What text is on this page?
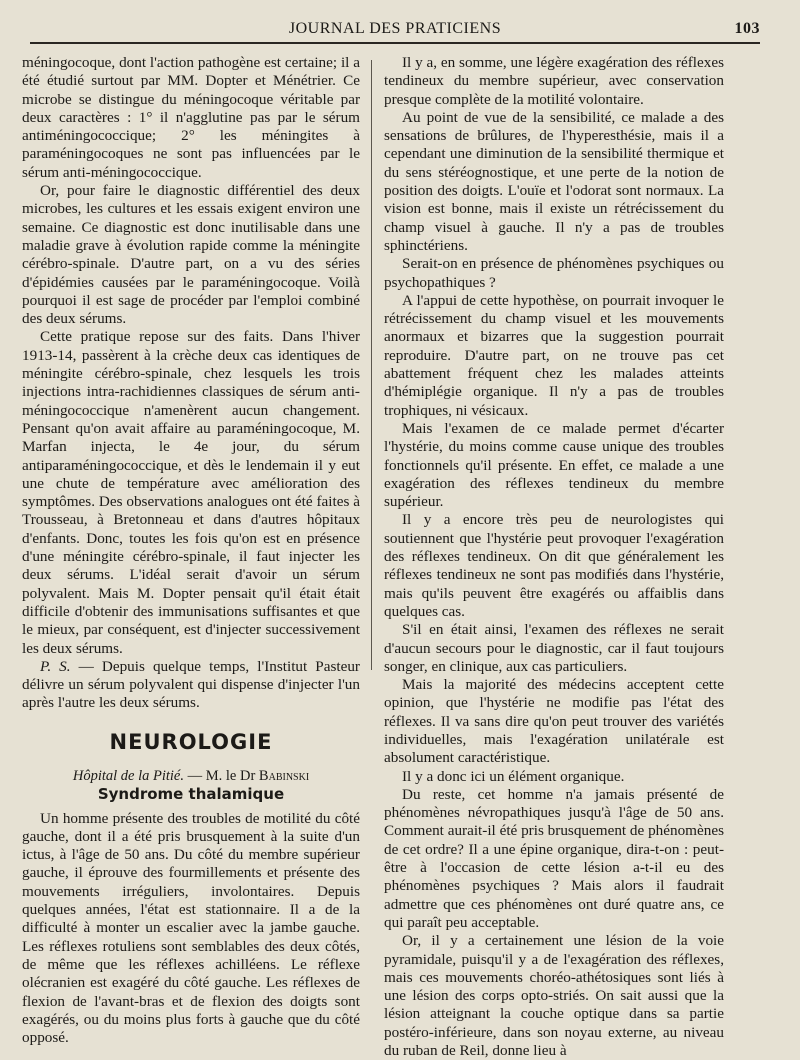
JOURNAL DES PRATICIENS	103

méningocoque, dont l'action pathogène est certaine; il a été étudié surtout par MM. Dopter et Ménétrier. Ce microbe se distingue du méningocoque véritable par deux caractères : 1° il n'agglutine pas par le sérum antiméningococcique; 2° les méningites à paraméningocoques ne sont pas influencées par le sérum anti-méningococcique.

Or, pour faire le diagnostic différentiel des deux microbes, les cultures et les essais exigent environ une semaine. Ce diagnostic est donc inutilisable dans une maladie grave à évolution rapide comme la méningite cérébro-spinale. D'autre part, on a vu des séries d'épidémies causées par le paraméningocoque. Voilà pourquoi il est sage de procéder par l'emploi combiné des deux sérums.

Cette pratique repose sur des faits. Dans l'hiver 1913-14, passèrent à la crèche deux cas identiques de méningite cérébro-spinale, chez lesquels les trois injections intra-rachidiennes classiques de sérum anti-méningococcique n'amenèrent aucun changement. Pensant qu'on avait affaire au paraméningocoque, M. Marfan injecta, le 4e jour, du sérum antiparaméningococcique, et dès le lendemain il y eut une chute de température avec amélioration des symptômes. Des observations analogues ont été faites à Trousseau, à Bretonneau et dans d'autres hôpitaux d'enfants. Donc, toutes les fois qu'on est en présence d'une méningite cérébro-spinale, il faut injecter les deux sérums. L'idéal serait d'avoir un sérum polyvalent. Mais M. Dopter pensait qu'il était était difficile d'obtenir des immunisations suffisantes et que le mieux, par conséquent, est d'injecter successivement les deux sérums.

P. S. — Depuis quelque temps, l'Institut Pasteur délivre un sérum polyvalent qui dispense d'injecter l'un après l'autre les deux sérums.

NEUROLOGIE

Hôpital de la Pitié. — M. le Dr Babinski

Syndrome thalamique

Un homme présente des troubles de motilité du côté gauche, dont il a été pris brusquement à la suite d'un ictus, à l'âge de 50 ans. Du côté du membre supérieur gauche, il éprouve des fourmillements et présente des mouvements irréguliers, involontaires. Depuis quelques années, l'état est stationnaire. Il a de la difficulté à monter un escalier avec la jambe gauche. Les réflexes rotuliens sont semblables des deux côtés, de même que les réflexes achilléens. Le réflexe olécranien est exagéré du côté gauche. Les réflexes de flexion de l'avant-bras et de flexion des doigts sont exagérés, ou du moins plus forts à gauche que du côté opposé.

Il y a, en somme, une légère exagération des réflexes tendineux du membre supérieur, avec conservation presque complète de la motilité volontaire.

Au point de vue de la sensibilité, ce malade a des sensations de brûlures, de l'hyperesthésie, mais il a cependant une diminution de la sensibilité thermique et du sens stéréognostique, et une perte de la notion de position des doigts. L'ouïe et l'odorat sont normaux. La vision est bonne, mais il existe un rétrécissement du champ visuel à gauche. Il n'y a pas de troubles sphinctériens.

Serait-on en présence de phénomènes psychiques ou psychopathiques ?

A l'appui de cette hypothèse, on pourrait invoquer le rétrécissement du champ visuel et les mouvements anormaux et bizarres que la suggestion pourrait reproduire. D'autre part, on ne trouve pas cet abattement fréquent chez les malades atteints d'hémiplégie organique. Il n'y a pas de troubles trophiques, ni vésicaux.

Mais l'examen de ce malade permet d'écarter l'hystérie, du moins comme cause unique des troubles fonctionnels qu'il présente. En effet, ce malade a une exagération des réflexes tendineux du membre supérieur.

Il y a encore très peu de neurologistes qui soutiennent que l'hystérie peut provoquer l'exagération des réflexes tendineux. On dit que généralement les réflexes tendineux ne sont pas modifiés dans l'hystérie, mais qu'ils peuvent être exagérés ou affaiblis dans quelques cas.

S'il en était ainsi, l'examen des réflexes ne serait d'aucun secours pour le diagnostic, car il faut toujours songer, en clinique, aux cas particuliers.

Mais la majorité des médecins acceptent cette opinion, que l'hystérie ne modifie pas l'état des réflexes. Il va sans dire qu'on peut trouver des variétés individuelles, mais l'exagération unilatérale est absolument caractéristique.

Il y a donc ici un élément organique.

Du reste, cet homme n'a jamais présenté de phénomènes névropathiques jusqu'à l'âge de 50 ans. Comment aurait-il été pris brusquement de phénomènes de cet ordre? Il a une épine organique, dira-t-on : peut-être à l'occasion de cette lésion a-t-il eu des phénomènes psychiques ? Mais alors il faudrait admettre que ces phénomènes ont duré quatre ans, ce qui paraît peu acceptable.

Or, il y a certainement une lésion de la voie pyramidale, puisqu'il y a de l'exagération des réflexes, mais ces mouvements choréo-athétosiques sont liés à une lésion des corps opto-striés. On sait aussi que la lésion atteignant la couche optique dans sa partie postéro-inférieure, dans son noyau externe, au niveau du ruban de Reil, donne lieu à
